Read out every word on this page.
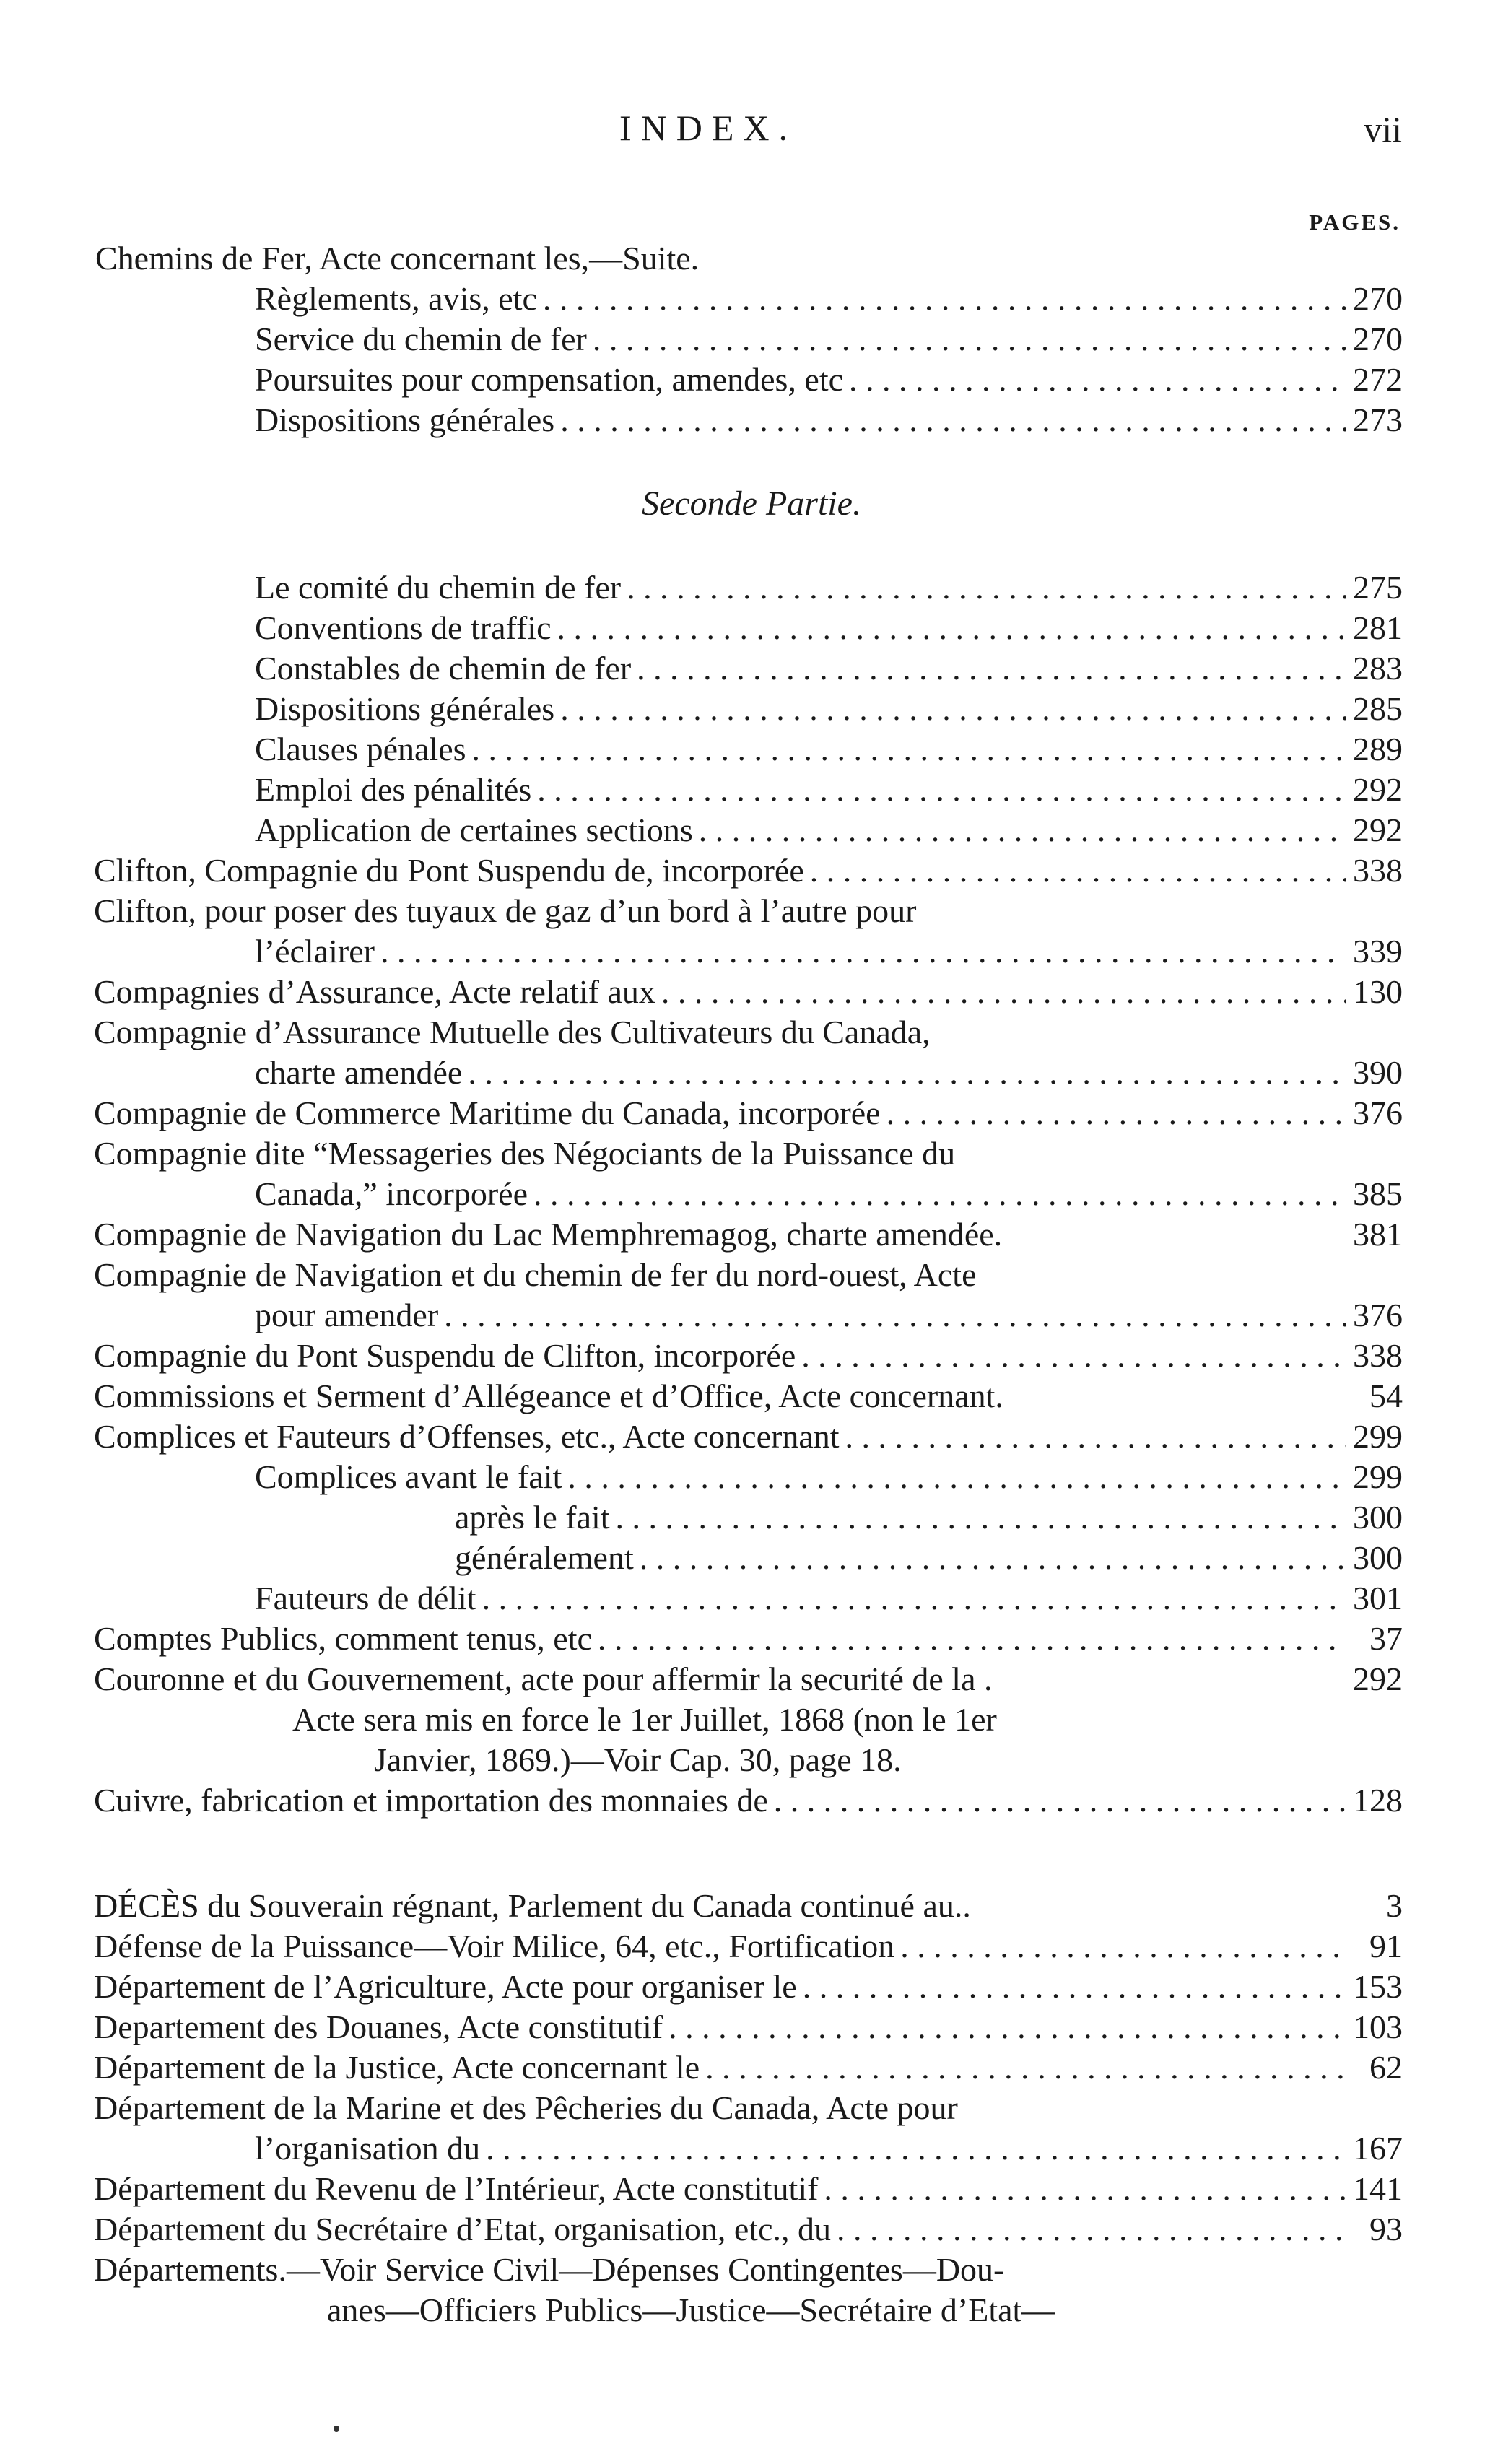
INDEX.	vii
PAGES.
Seconde Partie.
Chemins de Fer, Acte concernant les,—Suite.
Règlements, avis, etc . . .	270
Service du chemin de fer . . .	270
Poursuites pour compensation, amendes, etc . . .	272
Dispositions générales . . .	273
Le comité du chemin de fer . . .	275
Conventions de traffic . . .	281
Constables de chemin de fer . . .	283
Dispositions générales . . .	285
Clauses pénales . . .	289
Emploi des pénalités . . .	292
Application de certaines sections . . .	292
Clifton, Compagnie du Pont Suspendu de, incorporée . . .	338
Clifton, pour poser des tuyaux de gaz d’un bord à l’autre pour
l’éclairer . . .	339
Compagnies d’Assurance, Acte relatif aux . . .	130
Compagnie d’Assurance Mutuelle des Cultivateurs du Canada,
charte amendée . . .	390
Compagnie de Commerce Maritime du Canada, incorporée . . .	376
Compagnie dite “Messageries des Négociants de la Puissance du
Canada,” incorporée . . .	385
Compagnie de Navigation du Lac Memphremagog, charte amendée.	381
Compagnie de Navigation et du chemin de fer du nord-ouest, Acte
pour amender . . .	376
Compagnie du Pont Suspendu de Clifton, incorporée . . .	338
Commissions et Serment d’Allégeance et d’Office, Acte concernant.	54
Complices et Fauteurs d’Offenses, etc., Acte concernant . . .	299
Complices avant le fait . . .	299
après le fait . . .	300
généralement . . .	300
Fauteurs de délit . . .	301
Comptes Publics, comment tenus, etc . . .	37
Couronne et du Gouvernement, acte pour affermir la securité de la .	292
Acte sera mis en force le 1er Juillet, 1868 (non le 1er
Janvier, 1869.)—Voir Cap. 30, page 18.
Cuivre, fabrication et importation des monnaies de . . .	128
DÉCÈS du Souverain régnant, Parlement du Canada continué au..	3
Défense de la Puissance—Voir Milice, 64, etc., Fortification . . .	91
Département de l’Agriculture, Acte pour organiser le . . .	153
Departement des Douanes, Acte constitutif . . .	103
Département de la Justice, Acte concernant le . . .	62
Département de la Marine et des Pêcheries du Canada, Acte pour
l’organisation du . . .	167
Département du Revenu de l’Intérieur, Acte constitutif . . .	141
Département du Secrétaire d’Etat, organisation, etc., du . . .	93
Départements.—Voir Service Civil—Dépenses Contingentes—Dou-
anes—Officiers Publics—Justice—Secrétaire d’Etat—
